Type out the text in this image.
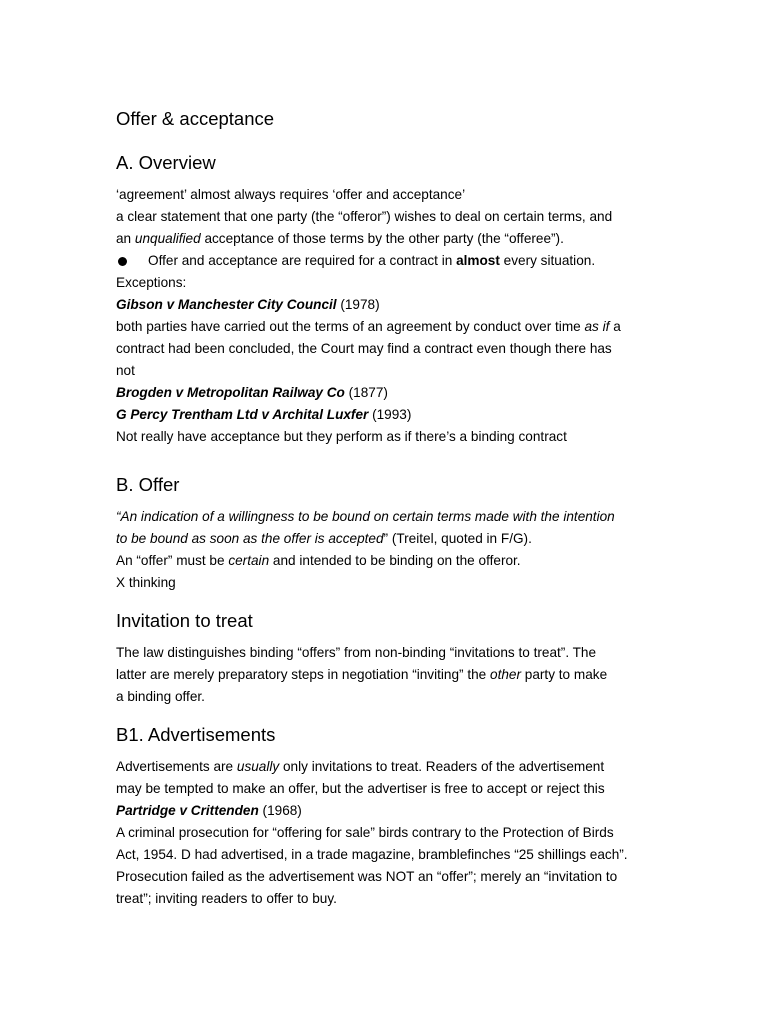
Offer & acceptance
A. Overview

‘agreement’ almost always requires ‘offer and acceptance’

a clear statement that one party (the “offeror”) wishes to deal on certain terms, and

an unqualified acceptance of those terms by the other party (the “offeree”).

Offer and acceptance are required for a contract in almost every situation.

Exceptions:

Gibson v Manchester City Council (1978)

both parties have carried out the terms of an agreement by conduct over time as if a

contract had been concluded, the Court may find a contract even though there has

not

Brogden v Metropolitan Railway Co (1877)

G Percy Trentham Ltd v Archital Luxfer (1993)

Not really have acceptance but they perform as if there’s a binding contract

B. Offer

“An indication of a willingness to be bound on certain terms made with the intention

to be bound as soon as the offer is accepted” (Treitel, quoted in F/G).

An “offer” must be certain and intended to be binding on the offeror.

X thinking

Invitation to treat

The law distinguishes binding “offers” from non-binding “invitations to treat”. The

latter are merely preparatory steps in negotiation “inviting” the other party to make

a binding offer.

B1. Advertisements

Advertisements are usually only invitations to treat. Readers of the advertisement

may be tempted to make an offer, but the advertiser is free to accept or reject this

Partridge v Crittenden (1968)

A criminal prosecution for “offering for sale” birds contrary to the Protection of Birds

Act, 1954. D had advertised, in a trade magazine, bramblefinches “25 shillings each”.

Prosecution failed as the advertisement was NOT an “offer”; merely an “invitation to

treat”; inviting readers to offer to buy.
